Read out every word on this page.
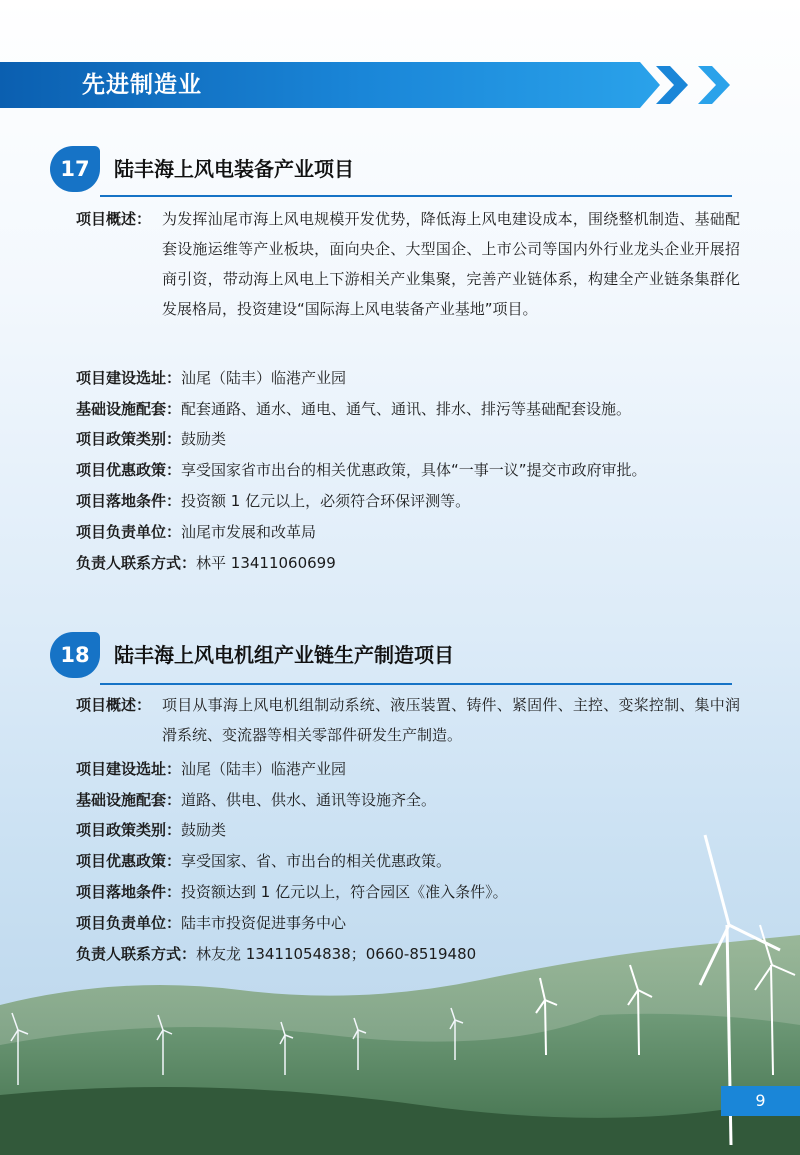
先进制造业
17	陆丰海上风电装备产业项目
项目概述： 为发挥汕尾市海上风电规模开发优势，降低海上风电建设成本，围绕整机制造、基础配套设施运维等产业板块，面向央企、大型国企、上市公司等国内外行业龙头企业开展招商引资，带动海上风电上下游相关产业集聚，完善产业链体系，构建全产业链条集群化发展格局，投资建设“国际海上风电装备产业基地”项目。
项目建设选址： 汕尾（陆丰）临港产业园
基础设施配套： 配套通路、通水、通电、通气、通讯、排水、排污等基础配套设施。
项目政策类别： 鼓励类
项目优惠政策： 享受国家省市出台的相关优惠政策，具体“一事一议”提交市政府审批。
项目落地条件： 投资额 1 亿元以上，必须符合环保评测等。
项目负责单位： 汕尾市发展和改革局
负责人联系方式： 林平 13411060699
18	陆丰海上风电机组产业链生产制造项目
项目概述： 项目从事海上风电机组制动系统、液压装置、铸件、紧固件、主控、变桨控制、集中润滑系统、变流器等相关零部件研发生产制造。
项目建设选址： 汕尾（陆丰）临港产业园
基础设施配套： 道路、供电、供水、通讯等设施齐全。
项目政策类别： 鼓励类
项目优惠政策： 享受国家、省、市出台的相关优惠政策。
项目落地条件： 投资额达到 1 亿元以上，符合园区《准入条件》。
项目负责单位： 陆丰市投资促进事务中心
负责人联系方式： 林友龙 13411054838；0660-8519480
9
